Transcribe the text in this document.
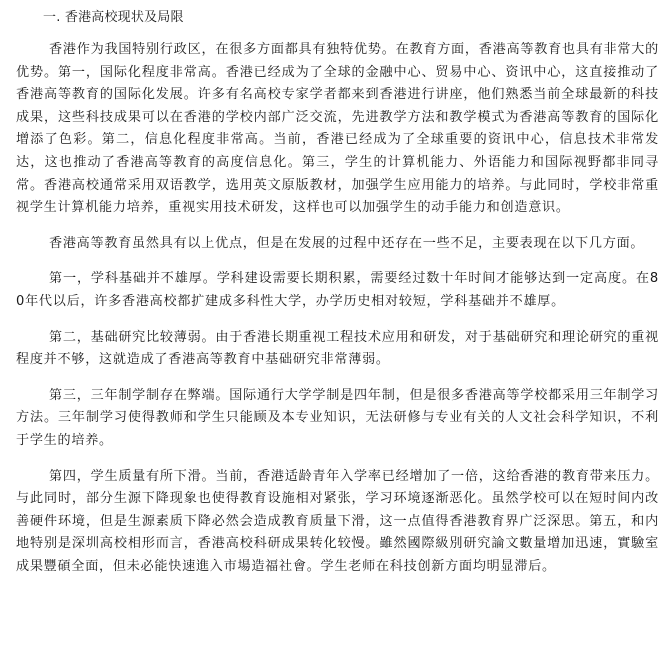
一. 香港高校现状及局限

香港作为我国特别行政区，在很多方面都具有独特优势。在教育方面，香港高等教育也具有非常大的优势。第一，国际化程度非常高。香港已经成为了全球的金融中心、贸易中心、资讯中心，这直接推动了香港高等教育的国际化发展。许多有名高校专家学者都来到香港进行讲座，他们熟悉当前全球最新的科技成果，这些科技成果可以在香港的学校内部广泛交流，先进教学方法和教学模式为香港高等教育的国际化增添了色彩。第二，信息化程度非常高。当前，香港已经成为了全球重要的资讯中心，信息技术非常发达，这也推动了香港高等教育的高度信息化。第三，学生的计算机能力、外语能力和国际视野都非同寻常。香港高校通常采用双语教学，选用英文原版教材，加强学生应用能力的培养。与此同时，学校非常重视学生计算机能力培养，重视实用技术研发，这样也可以加强学生的动手能力和创造意识。

香港高等教育虽然具有以上优点，但是在发展的过程中还存在一些不足，主要表现在以下几方面。

第一，学科基础并不雄厚。学科建设需要长期积累，需要经过数十年时间才能够达到一定高度。在80年代以后，许多香港高校都扩建成多科性大学，办学历史相对较短，学科基础并不雄厚。

第二，基础研究比较薄弱。由于香港长期重视工程技术应用和研发，对于基础研究和理论研究的重视程度并不够，这就造成了香港高等教育中基础研究非常薄弱。

第三，三年制学制存在弊端。国际通行大学学制是四年制，但是很多香港高等学校都采用三年制学习方法。三年制学习使得教师和学生只能顾及本专业知识，无法研修与专业有关的人文社会科学知识，不利于学生的培养。

第四，学生质量有所下滑。当前，香港适龄青年入学率已经增加了一倍，这给香港的教育带来压力。与此同时，部分生源下降现象也使得教育设施相对紧张，学习环境逐渐恶化。虽然学校可以在短时间内改善硬件环境，但是生源素质下降必然会造成教育质量下滑，这一点值得香港教育界广泛深思。第五，和内地特别是深圳高校相形而言，香港高校科研成果转化较慢。雖然國際級別研究論文數量增加迅速，實驗室成果豐碩全面，但未必能快速進入市場造福社會。学生老师在科技创新方面均明显滞后。
